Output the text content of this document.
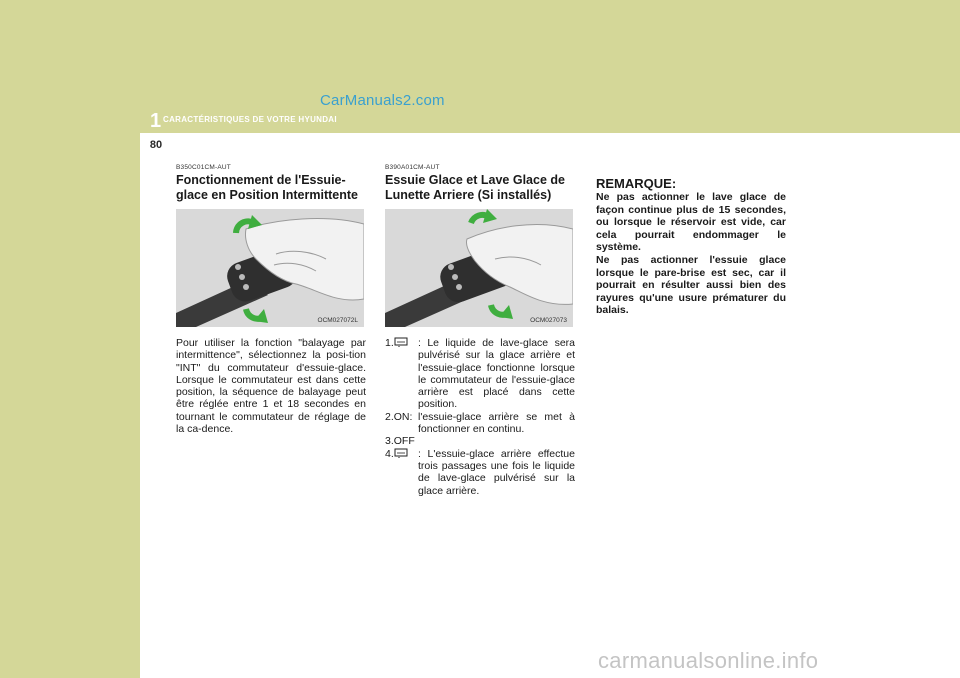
80
CarManuals2.com
1 CARACTÉRISTIQUES DE VOTRE HYUNDAI
B350C01CM-AUT
Fonctionnement de l'Essuie-glace en Position Intermittente
OCM027072L
Pour utiliser la fonction "balayage par intermittence", sélectionnez la posi-tion "INT" du commutateur d'essuie-glace. Lorsque le commutateur est dans cette position, la séquence de balayage peut être réglée entre 1 et 18 secondes en tournant le commutateur de réglage de la ca-dence.
B390A01CM-AUT
Essuie Glace et Lave Glace de Lunette Arriere (Si installés)
OCM027073
1.	: Le liquide de lave-glace sera pulvérisé sur la glace arrière et l'essuie-glace fonctionne lorsque le commutateur de l'essuie-glace arrière est placé dans cette position.
2.ON: l'essuie-glace arrière se met à fonctionner en continu.
3.OFF
4.	: L'essuie-glace arrière effectue trois passages une fois le liquide de lave-glace pulvérisé sur la glace arrière.
REMARQUE:
Ne pas actionner le lave glace de façon continue plus de 15 secondes, ou lorsque le réservoir est vide, car cela pourrait endommager le système.
Ne pas actionner l'essuie glace lorsque le pare-brise est sec, car il pourrait en résulter aussi bien des rayures qu'une usure prématurer du balais.
carmanualsonline.info
